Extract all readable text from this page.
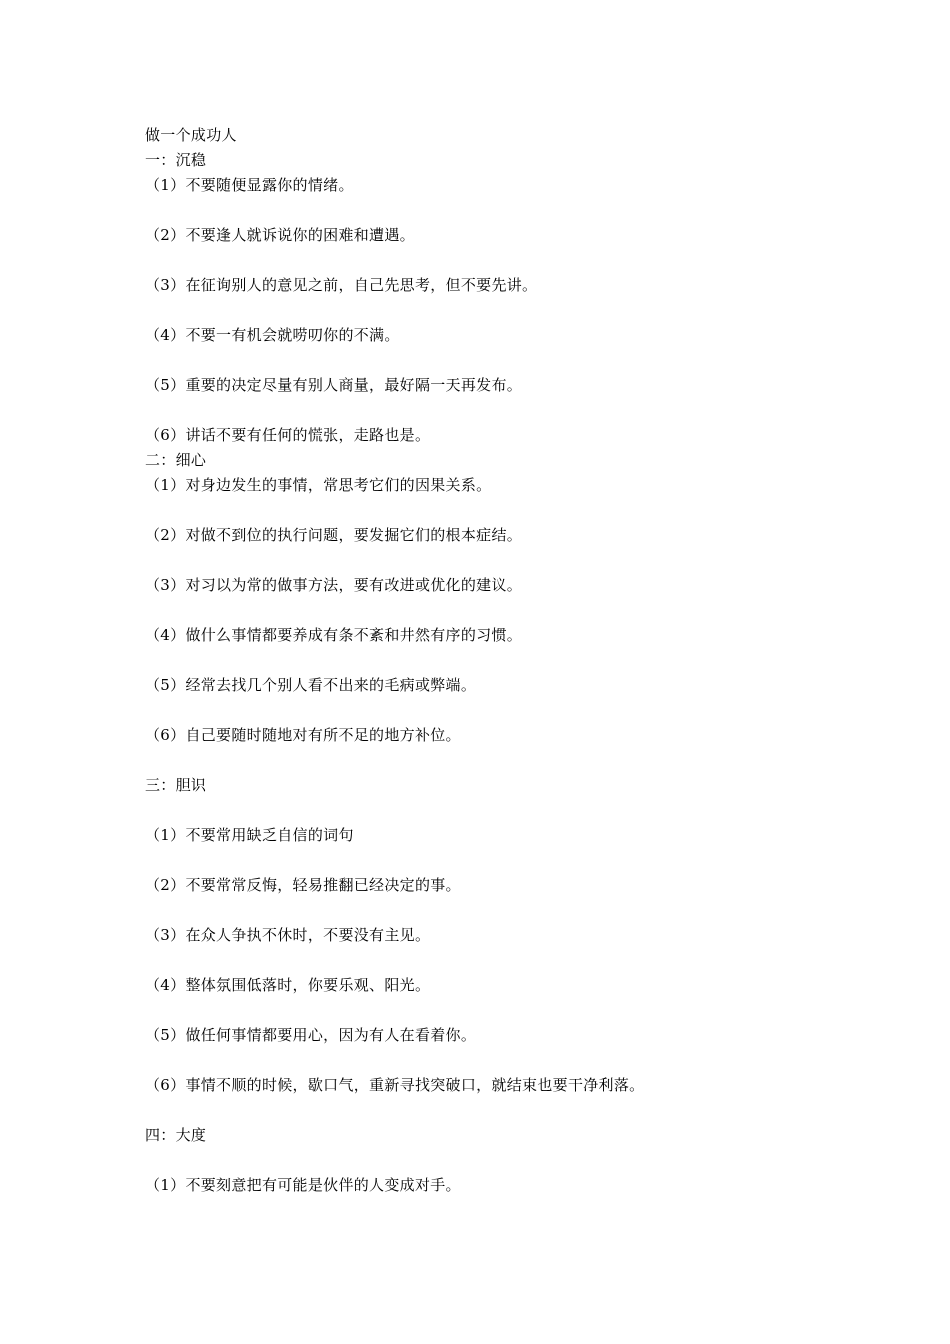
做一个成功人
一：沉稳
（1）不要随便显露你的情绪。
（2）不要逢人就诉说你的困难和遭遇。
（3）在征询别人的意见之前，自己先思考，但不要先讲。
（4）不要一有机会就唠叨你的不满。
（5）重要的决定尽量有别人商量，最好隔一天再发布。
（6）讲话不要有任何的慌张，走路也是。
二：细心
（1）对身边发生的事情，常思考它们的因果关系。
（2）对做不到位的执行问题，要发掘它们的根本症结。
（3）对习以为常的做事方法，要有改进或优化的建议。
（4）做什么事情都要养成有条不紊和井然有序的习惯。
（5）经常去找几个别人看不出来的毛病或弊端。
（6）自己要随时随地对有所不足的地方补位。
三：胆识
（1）不要常用缺乏自信的词句
（2）不要常常反悔，轻易推翻已经决定的事。
（3）在众人争执不休时，不要没有主见。
（4）整体氛围低落时，你要乐观、阳光。
（5）做任何事情都要用心，因为有人在看着你。
（6）事情不顺的时候，歇口气，重新寻找突破口，就结束也要干净利落。
四：大度
（1）不要刻意把有可能是伙伴的人变成对手。
